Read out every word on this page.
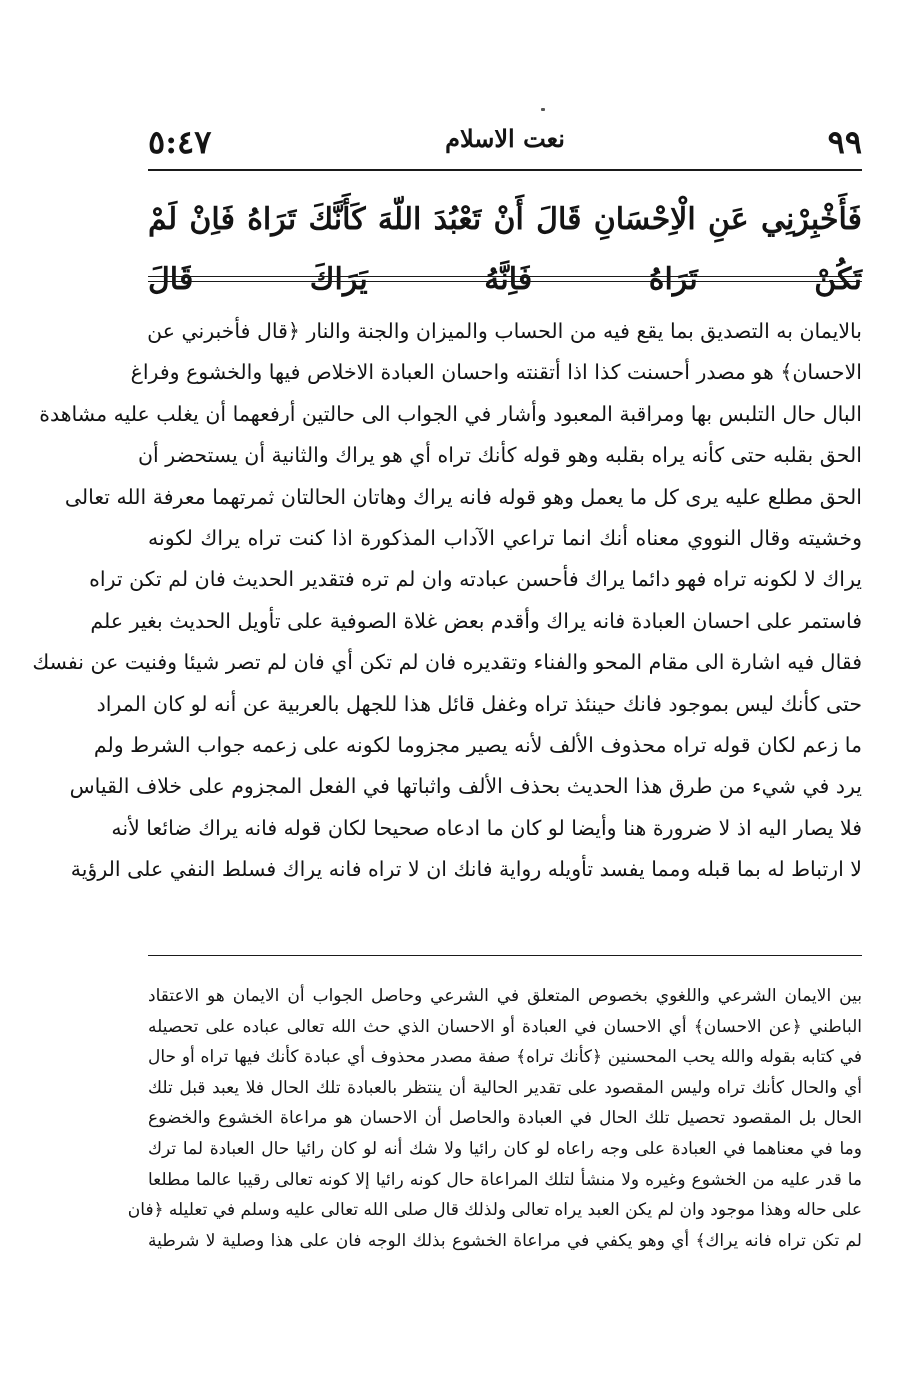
٥:٤٧	٩٩
نعت الاسلام
فَأَخْبِرْنِي عَنِ الْاِحْسَانِ قَالَ أَنْ تَعْبُدَ اللّهَ كَأَنَّكَ تَرَاهُ فَاِنْ لَمْ تَكُنْ تَرَاهُ فَاِنَّهُ يَرَاكَ قَالَ
بالايمان به التصديق بما يقع فيه من الحساب والميزان والجنة والنار ﴿قال فأخبرني عن
الاحسان﴾ هو مصدر أحسنت كذا اذا أتقنته واحسان العبادة الاخلاص فيها والخشوع وفراغ
البال حال التلبس بها ومراقبة المعبود وأشار في الجواب الى حالتين أرفعهما أن يغلب عليه مشاهدة
الحق بقلبه حتى كأنه يراه بقلبه وهو قوله كأنك تراه أي هو يراك والثانية أن يستحضر أن
الحق مطلع عليه يرى كل ما يعمل وهو قوله فانه يراك وهاتان الحالتان ثمرتهما معرفة الله تعالى
وخشيته وقال النووي معناه أنك انما تراعي الآداب المذكورة اذا كنت تراه يراك لكونه
يراك لا لكونه تراه فهو دائما يراك فأحسن عبادته وان لم تره فتقدير الحديث فان لم تكن تراه
فاستمر على احسان العبادة فانه يراك وأقدم بعض غلاة الصوفية على تأويل الحديث بغير علم
فقال فيه اشارة الى مقام المحو والفناء وتقديره فان لم تكن أي فان لم تصر شيئا وفنيت عن نفسك
حتى كأنك ليس بموجود فانك حينئذ تراه وغفل قائل هذا للجهل بالعربية عن أنه لو كان المراد
ما زعم لكان قوله تراه محذوف الألف لأنه يصير مجزوما لكونه على زعمه جواب الشرط ولم
يرد في شيء من طرق هذا الحديث بحذف الألف واثباتها في الفعل المجزوم على خلاف القياس
فلا يصار اليه اذ لا ضرورة هنا وأيضا لو كان ما ادعاه صحيحا لكان قوله فانه يراك ضائعا لأنه
لا ارتباط له بما قبله ومما يفسد تأويله رواية فانك ان لا تراه فانه يراك فسلط النفي على الرؤية
بين الايمان الشرعي واللغوي بخصوص المتعلق في الشرعي وحاصل الجواب أن الايمان هو الاعتقاد
الباطني ﴿عن الاحسان﴾ أي الاحسان في العبادة أو الاحسان الذي حث الله تعالى عباده على تحصيله
في كتابه بقوله والله يحب المحسنين ﴿كأنك تراه﴾ صفة مصدر محذوف أي عبادة كأنك فيها تراه أو حال
أي والحال كأنك تراه وليس المقصود على تقدير الحالية أن ينتظر بالعبادة تلك الحال فلا يعبد قبل تلك
الحال بل المقصود تحصيل تلك الحال في العبادة والحاصل أن الاحسان هو مراعاة الخشوع والخضوع
وما في معناهما في العبادة على وجه راعاه لو كان رائيا ولا شك أنه لو كان رائيا حال العبادة لما ترك
ما قدر عليه من الخشوع وغيره ولا منشأ لتلك المراعاة حال كونه رائيا إلا كونه تعالى رقيبا عالما مطلعا
على حاله وهذا موجود وان لم يكن العبد يراه تعالى ولذلك قال صلى الله تعالى عليه وسلم في تعليله ﴿فان
لم تكن تراه فانه يراك﴾ أي وهو يكفي في مراعاة الخشوع بذلك الوجه فان على هذا وصلية لا شرطية
